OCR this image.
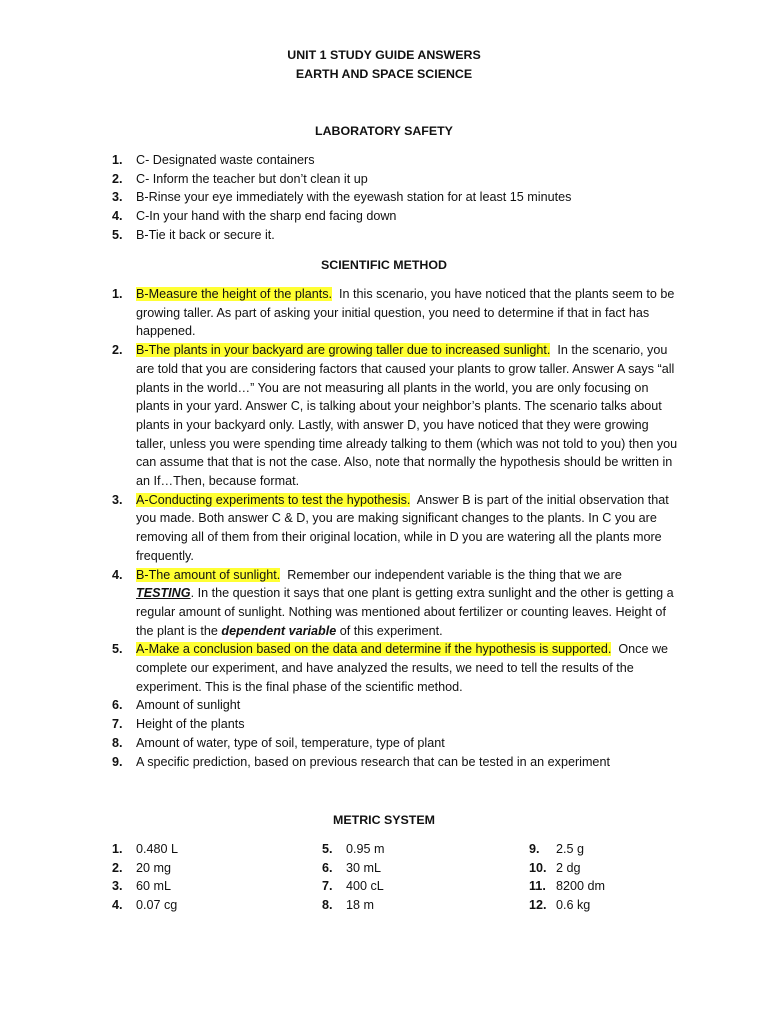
UNIT 1 STUDY GUIDE ANSWERS
EARTH AND SPACE SCIENCE
LABORATORY SAFETY
1. C- Designated waste containers
2. C- Inform the teacher but don’t clean it up
3. B-Rinse your eye immediately with the eyewash station for at least 15 minutes
4. C-In your hand with the sharp end facing down
5. B-Tie it back or secure it.
SCIENTIFIC METHOD
1. B-Measure the height of the plants. In this scenario, you have noticed that the plants seem to be growing taller. As part of asking your initial question, you need to determine if that in fact has happened.
2. B-The plants in your backyard are growing taller due to increased sunlight. In the scenario, you are told that you are considering factors that caused your plants to grow taller. Answer A says “all plants in the world…” You are not measuring all plants in the world, you are only focusing on plants in your yard. Answer C, is talking about your neighbor’s plants. The scenario talks about plants in your backyard only. Lastly, with answer D, you have noticed that they were growing taller, unless you were spending time already talking to them (which was not told to you) then you can assume that that is not the case. Also, note that normally the hypothesis should be written in an If…Then, because format.
3. A-Conducting experiments to test the hypothesis. Answer B is part of the initial observation that you made. Both answer C & D, you are making significant changes to the plants. In C you are removing all of them from their original location, while in D you are watering all the plants more frequently.
4. B-The amount of sunlight. Remember our independent variable is the thing that we are TESTING. In the question it says that one plant is getting extra sunlight and the other is getting a regular amount of sunlight. Nothing was mentioned about fertilizer or counting leaves. Height of the plant is the dependent variable of this experiment.
5. A-Make a conclusion based on the data and determine if the hypothesis is supported. Once we complete our experiment, and have analyzed the results, we need to tell the results of the experiment. This is the final phase of the scientific method.
6. Amount of sunlight
7. Height of the plants
8. Amount of water, type of soil, temperature, type of plant
9. A specific prediction, based on previous research that can be tested in an experiment
METRIC SYSTEM
1. 0.480 L
2. 20 mg
3. 60 mL
4. 0.07 cg
5. 0.95 m
6. 30 mL
7. 400 cL
8. 18 m
9. 2.5 g
10. 2 dg
11. 8200 dm
12. 0.6 kg
